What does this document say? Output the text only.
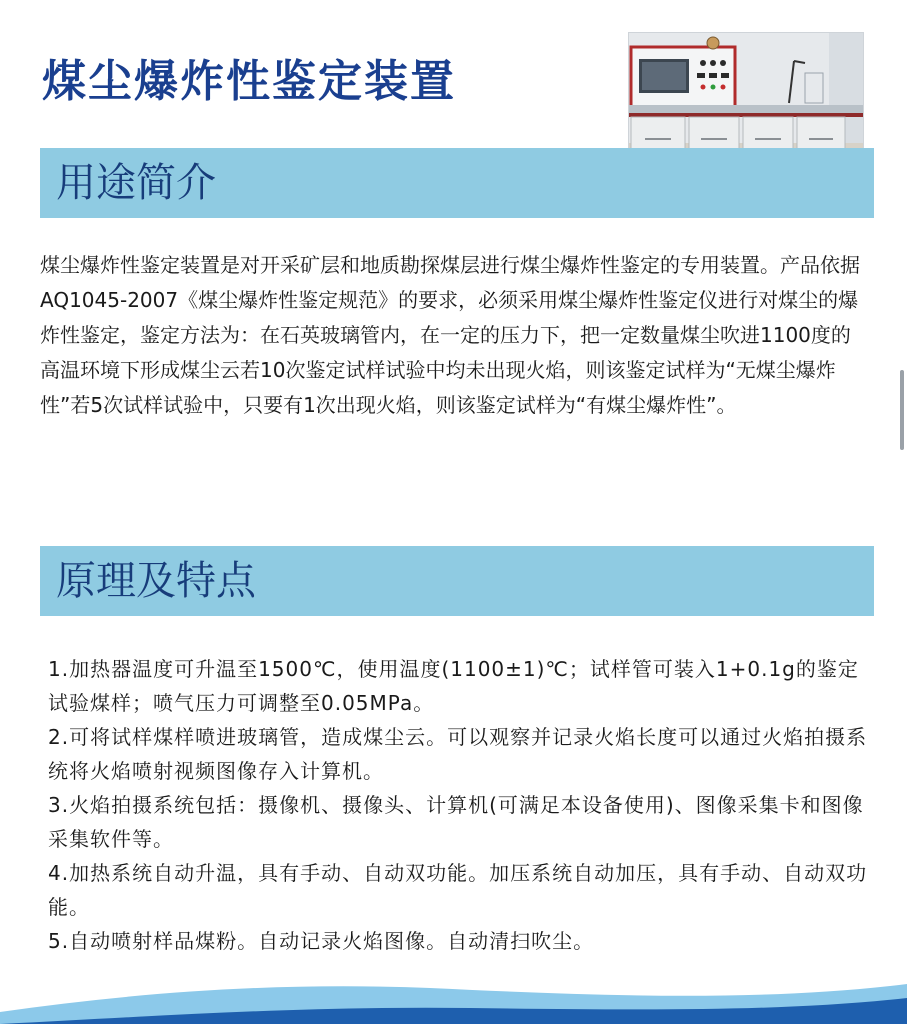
煤尘爆炸性鉴定装置
用途简介

煤尘爆炸性鉴定装置是对开采矿层和地质勘探煤层进行煤尘爆炸性鉴定的专用装置。产品依据AQ1045-2007《煤尘爆炸性鉴定规范》的要求，必须采用煤尘爆炸性鉴定仪进行对煤尘的爆炸性鉴定，鉴定方法为：在石英玻璃管内，在一定的压力下，把一定数量煤尘吹进1100度的高温环境下形成煤尘云若10次鉴定试样试验中均未出现火焰，则该鉴定试样为“无煤尘爆炸性”若5次试样试验中，只要有1次出现火焰，则该鉴定试样为“有煤尘爆炸性”。

原理及特点
1.加热器温度可升温至1500℃，使用温度(1100±1)℃；试样管可装入1+0.1g的鉴定试验煤样；喷气压力可调整至0.05MPa。
2.可将试样煤样喷进玻璃管，造成煤尘云。可以观察并记录火焰长度可以通过火焰拍摄系统将火焰喷射视频图像存入计算机。
3.火焰拍摄系统包括：摄像机、摄像头、计算机(可满足本设备使用)、图像采集卡和图像采集软件等。
4.加热系统自动升温，具有手动、自动双功能。加压系统自动加压，具有手动、自动双功能。
5.自动喷射样品煤粉。自动记录火焰图像。自动清扫吹尘。
